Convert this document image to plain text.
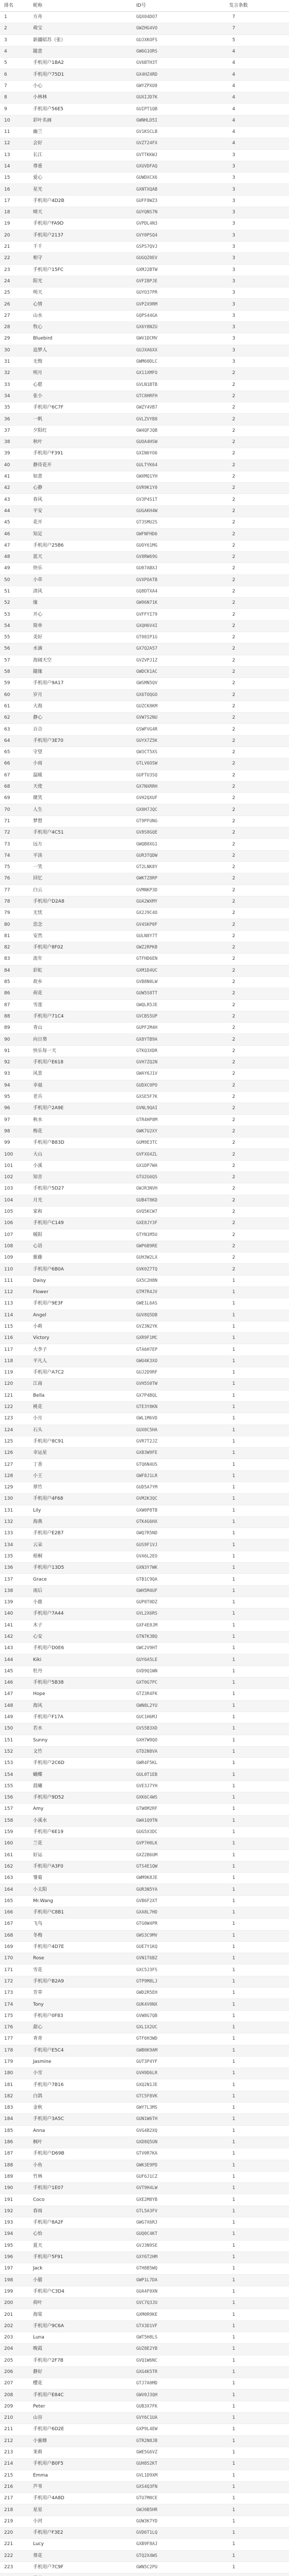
排名	昵称	ID号	发言条数
1	方舟	GQX04DO7	7
2	萌宝	GWZHG4VO	7
3	新疆昭苏（张）	GUJXKOFS	5
4	随意	GW6G1ORS	4
5	手机用户1BA2	GV6BTH3T	4
6	手机用户75D1	GX4HZ4RD	4
7	小心	GWYZPXO8	4
8	小林林	GUXIJD7K	4
9	手机用户56E5	GUIPT1QB	4
10	彩叶名画	GWNHLD5I	4
11	幽兰	GV1KSCLB	4
12	会好	GVZT24FX	4
13	长江	GVTTKKWJ	3
14	尊重	GXUVDFAQ	3
15	爱心	GUWDXCX6	3
16	星光	GXNTXQAB	3
17	手机用户4D2B	GUFF8WZ3	3
18	晴天	GUYQNS7N	3
19	手机用户FA9D	GVPDL4N3	3
20	手机用户2137	GVY0PSQ4	3
21	千千	GSPS7QVJ	3
22	相守	GUGQZ0EV	3
23	手机用户15FC	GXMJ2BTW	3
24	阳光	GVFIBPJE	3
25	明天	GUYO37PR	3
26	心情	GVP2X9RM	3
27	山水	GQPS44GA	3
28	牧心	GX6Y8NZU	3
29	Bluebird	GWV1DCMV	3
30	追梦人	GUJXA6XX	3
31	无悔	GWM60DLC	3
32	明月	GX11XMFO	2
33	心愿	GVLN1BTB	2
34	张小	GTC8HRFH	2
35	手机用户6C7F	GWZY4VB7	2
36	一帆	GVLZVYB8	2
37	夕阳红	GW4QFJQB	2
38	秋叶	GUOA4HSW	2
39	手机用户F391	GXIN6YO6	2
40	静待花开	GULTYK64	2
41	如意	GWXMQ1YH	2
42	心静	GVR9K1Y0	2
43	春风	GV3P4S1T	2
44	平安	GUGAKH4W	2
45	花开	GT3SMU2S	2
46	知足	GWFNFHD6	2
47	手机用户25B6	GUOY61MG	2
48	蓝天	GV8RW69G	2
49	快乐	GU07ABXJ	2
50	小草	GVXPOATB	2
51	清风	GQ8DTXA4	2
52	缘	GW96N71K	2
53	开心	GVFFYI79	2
54	简单	GXQH6V4I	2
55	美好	GT08IP1G	2
56	水滴	GX7Q2A57	2
57	海阔天空	GVZVPJ1Z	2
58	随缘	GWDCK1AC	2
59	手机用户9A17	GWSMN5QV	2
60	岁月	GX6TOQGO	2
61	大海	GUZCK8KM	2
62	静心	GVW7S2NU	2
63	百合	GSWFVG4R	2
64	手机用户3E70	GUYX7Z5K	2
65	守望	GW3CT5XS	2
66	小雨	GTLV6OSW	2
67	温暖	GUFTU3SQ	2
68	天使	GX7NXRRH	2
69	微笑	GVH2QXUF	2
70	人生	GX0H7JQC	2
71	梦想	GT9PFUNG	2
72	手机用户4C51	GV8S8GQE	2
73	远方	GWQB8XG1	2
74	平淡	GUR3TQDW	2
75	一笑	GT2LNK8Y	2
76	回忆	GWKTZ8RP	2
77	白云	GVMNKP3D	2
78	手机用户D2A8	GUA2WXMY	2
79	无忧	GX2J9C4O	2
80	思念	GV4SKP0F	2
81	安然	GULN8Y7T	2
82	手机用户8F02	GWZ2RPKB	2
83	流年	GTFHD6EN	2
84	彩虹	GXM1D4UC	2
85	故乡	GVB8N0LW	2
86	荷花	GUW5S8TT	2
87	雪莲	GWQLR5JE	2
88	手机用户71C4	GVCBS5UP	2
89	青山	GUPF2M4H	2
90	向日葵	GX8YTB9A	2
91	快乐每一天	GTKQ3XDR	2
92	手机用户E618	GVH7ZQ2N	2
93	风景	GWAY6J1V	2
94	幸福	GUDXC0PO	2
95	老兵	GXSE5F7K	2
96	手机用户2A9E	GVNL9QAI	2
97	秋水	GTR4HP8M	2
98	梅花	GWK7U2XY	2
99	手机用户B83D	GUM9E3TC	2
100	大山	GVFXO4ZL	2
101	小溪	GX1DP7WA	2
102	知音	GTU2G6QS	2
103	手机用户5D27	GWJR3NVH	2
104	月光	GUB4T8KD	2
105	家和	GVQ5KCW7	2
106	手机用户C149	GXE8JY3F	2
107	暖阳	GTYN1M5U	2
108	心语	GWP6B9RE	2
109	紫藤	GUH3W2LX	2
110	手机用户6B0A	GVK0Z7TQ	2
111	Daisy	GX5C2H8N	1
112	Flower	GTM7R4JV	1
113	手机用户9E3F	GWE1L6AS	1
114	Angel	GUV8Q5DB	1
115	小莉	GVZ3N2YK	1
116	Victory	GXR9F1MC	1
117	大李子	GTA6H7EP	1
118	平凡人	GWU4K3XO	1
119	手机用户A7C2	GUJ2D9RF	1
120	江南	GVH5S0TW	1
121	Bella	GX7P4BQL	1
122	桃花	GTE3Y8KN	1
123	小月	GWL1M6VD	1
124	石头	GUX0C5HA	1
125	手机用户8C91	GVR7T2JZ	1
126	幸运星	GXB3W9FE	1
127	丁香	GTQ6N4US	1
128	小王	GWF8J1LR	1
129	翠竹	GUD5A7YM	1
130	手机用户4F68	GVM2K3QC	1
131	Lily	GXW0P8TB	1
132	海燕	GTK4G6HX	1
133	手机用户E2B7	GWQ7R5ND	1
134	云朵	GUS9F1VJ	1
135	梧桐	GVA6L2EO	1
136	手机用户13D5	GXN3Y7WK	1
137	Grace	GTB1C9QA	1
138	雨后	GWH5M4UF	1
139	小鹿	GUP8T0DZ	1
140	手机用户7A44	GVL2X6RS	1
141	木子	GXF4E8JM	1
142	心安	GTN7K3BQ	1
143	手机用户D0E6	GWC2V9HT	1
144	Kiki	GUY6A5LE	1
145	牡丹	GVD9Q1WN	1
146	手机用户5B38	GXT0G7PC	1
147	Hope	GTZ3R4FK	1
148	海风	GWN8L2YU	1
149	手机用户F17A	GUC1H6MJ	1
150	若水	GVS5B3XD	1
151	Sunny	GXH7W9QO	1
152	文竹	GTD2N8VA	1
153	手机用户2C6D	GWR4F5KL	1
154	蝴蝶	GUL0T1EB	1
155	晨曦	GVE3J7YH	1
156	手机用户9D52	GXK6C4WS	1
157	Amy	GTW8M2RF	1
158	小溪水	GWA1Q9TN	1
159	手机用户6E19	GUG5X3DC	1
160	兰花	GVP7H0LK	1
161	好运	GXZ2B6UM	1
162	手机用户A3F0	GTS4E1QW	1
163	雏菊	GWM9K8JE	1
164	小太阳	GUR3N5YA	1
165	Mr.Wang	GVB6F2XT	1
166	手机用户C8B1	GXA8L7HD	1
167	飞鸟	GTG0W4PR	1
168	冬梅	GWS3C9MV	1
169	手机用户4D7E	GUE7Y1KQ	1
170	Rose	GVN1T6BZ	1
171	雪花	GXC5J3FS	1
172	手机用户B2A9	GTP9M8LJ	1
173	芳草	GWD2R5EH	1
174	Tony	GUK4V0NX	1
175	手机用户0F83	GVW8G7QB	1
176	甜心	GXL1X2UC	1
177	青青	GTF6H3WD	1
178	手机用户E5C4	GWB0K9AM	1
179	Jasmine	GUT3P4YF	1
180	小雪	GVH9D6LR	1
181	手机用户7B16	GXQ2N1JE	1
182	白鸽	GTC5F8VK	1
183	金秋	GWY7L3MS	1
184	手机用户3A5C	GUN1W6TH	1
185	Anna	GVG4B2XQ	1
186	枫叶	GXD8Q5UN	1
187	手机用户D69B	GTV0R7KA	1
188	小鱼	GWK3E9PD	1
189	竹林	GUF6J1CZ	1
190	手机用户1E07	GVT9H4LW	1
191	Coco	GXE2M8YB	1
192	春雨	GTL5A3FV	1
193	手机用户8A2F	GWG7X6RJ	1
194	心怡	GUQ0C4KT	1
195	夏天	GVJ3N9SE	1
196	手机用户5F91	GXY6T2HM	1
197	Jack	GTH8B5WQ	1
198	小猫	GWP1L7DA	1
199	手机用户C3D4	GUA4F0XN	1
200	荷叶	GVC7Q3JU	1
201	海棠	GXM0R9KE	1
202	手机用户9C6A	GTX3D1VF	1
203	Luna	GWT5H8LS	1
204	晚霞	GUZ8E2YB	1
205	手机用户2F7B	GVQ1W6NC	1
206	静好	GXG4K5TR	1
207	樱花	GTJ7A0MD	1
208	手机用户E84C	GWV0J3QH	1
209	Peter	GUB3X7FK	1
210	山谷	GVY6C1UA	1
211	手机用户6D2E	GXP9L4EW	1
212	小蜜蜂	GTR2N8JB	1
213	茉莉	GWE5G6VZ	1
214	手机用户B0F5	GUH8S2KT	1
215	Emma	GVL1D9XM	1
216	芦苇	GXS4Q3FN	1
217	手机用户4A8D	GTU7M0CE	1
218	星星	GWJ0B5HR	1
219	小河	GUW3K7YD	1
220	手机用户F3E2	GVD6T1LQ	1
221	Lucy	GXB9F8AJ	1
222	葵花	GTQ2X4WS	1
223	手机用户7C9F	GWN5C2PU	1
